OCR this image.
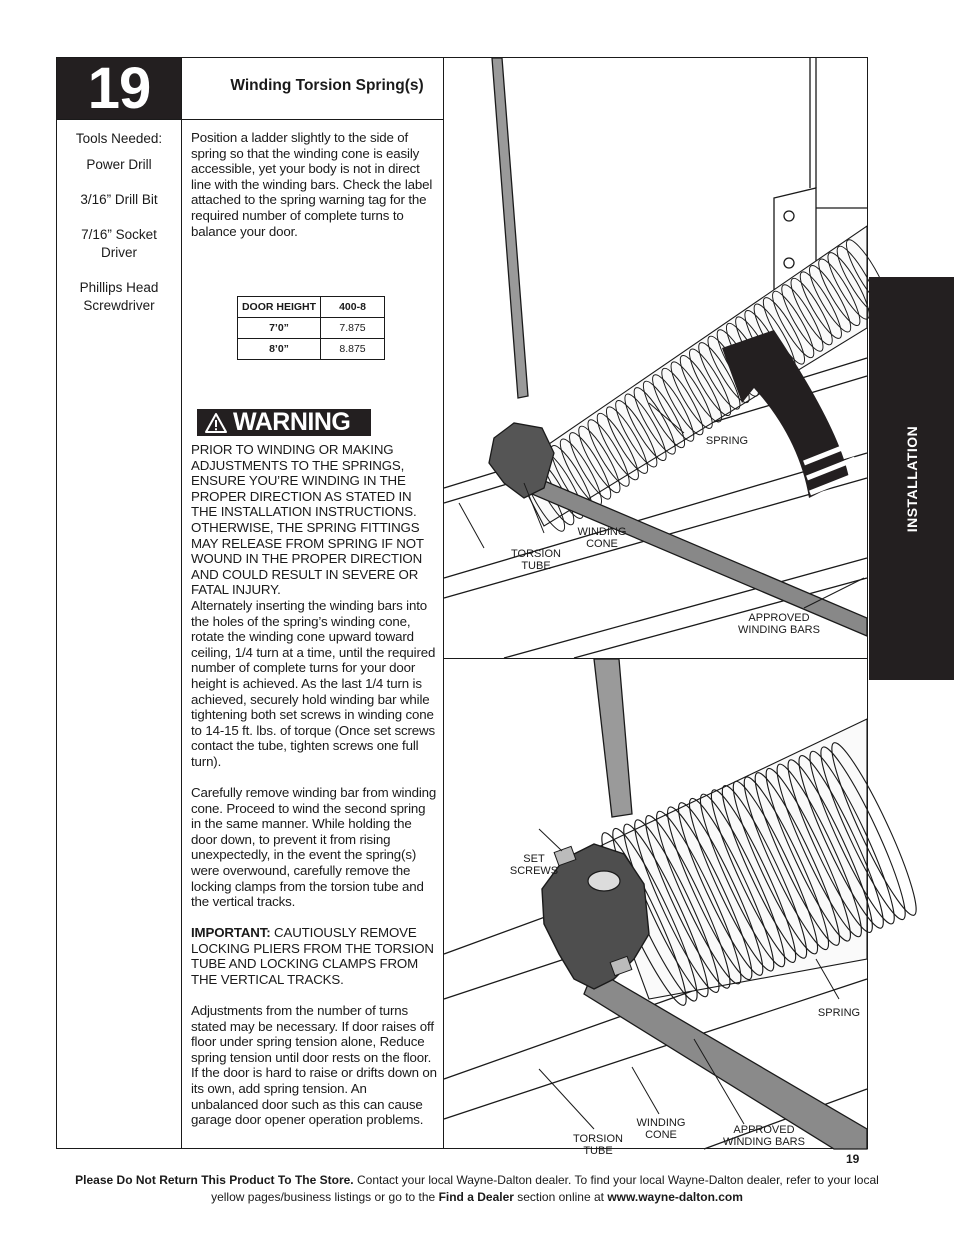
19	Winding Torsion Spring(s)
Tools Needed:
Power Drill
3/16” Drill Bit
7/16” Socket Driver
Phillips Head Screwdriver
Position a ladder slightly to the side of spring so that the winding cone is easily accessible, yet your body is not in direct line with the winding bars. Check the label attached to the spring warning tag for the required number of complete turns to balance your door.
DOOR HEIGHT	400-8
7’0”	7.875
8’0”	8.875
WARNING
PRIOR TO WINDING OR MAKING ADJUSTMENTS TO THE SPRINGS, ENSURE YOU’RE WINDING IN THE PROPER DIRECTION AS STATED IN THE INSTALLATION INSTRUCTIONS. OTHERWISE, THE SPRING FITTINGS MAY RELEASE FROM SPRING IF NOT WOUND IN THE PROPER DIRECTION AND COULD RESULT IN SEVERE OR FATAL INJURY.
Alternately inserting the winding bars into the holes of the spring’s winding cone, rotate the winding cone upward toward ceiling, 1/4 turn at a time, until the required number of complete turns for your door height is achieved. As the last 1/4 turn is achieved, securely hold winding bar while tightening both set screws in winding cone to 14-15 ft. lbs. of torque (Once set screws contact the tube, tighten screws one full turn).
Carefully remove winding bar from winding cone. Proceed to wind the second spring in the same manner. While holding the door down, to prevent it from rising unexpectedly, in the event the spring(s) were overwound, carefully remove the locking clamps from the torsion tube and the vertical tracks.
IMPORTANT: CAUTIOUSLY REMOVE LOCKING PLIERS FROM THE TORSION TUBE AND LOCKING CLAMPS FROM THE VERTICAL TRACKS.
Adjustments from the number of turns stated may be necessary. If door raises off floor under spring tension alone, Reduce spring tension until door rests on the floor. If the door is hard to raise or drifts down on its own, add spring tension. An unbalanced door such as this can cause garage door opener operation problems.
SPRING
WINDING
CONE
TORSION
TUBE
APPROVED
WINDING BARS
SET
SCREWS
SPRING
TORSION
TUBE
WINDING
CONE	APPROVED
WINDING BARS
INSTALLATION
19
Please Do Not Return This Product To The Store. Contact your local Wayne-Dalton dealer. To find your local Wayne-Dalton dealer, refer to your local yellow pages/business listings or go to the Find a Dealer section online at www.wayne-dalton.com
